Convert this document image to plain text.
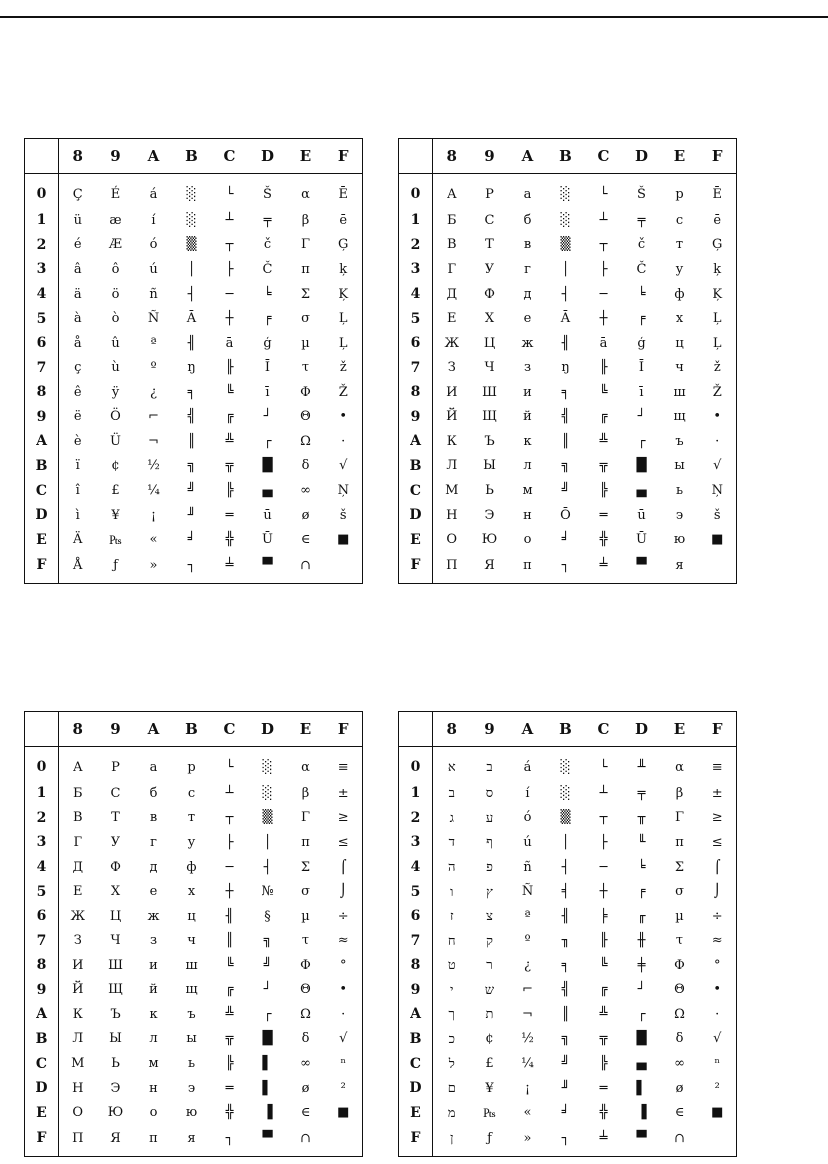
	8	9	A	B	C	D	E	F
0	Ç	É	á	░	└	Š	α	Ē
1	ü	æ	í	░	┴	╤	β	ē
2	é	Æ	ó	▒	┬	č	Γ	Ģ
3	â	ô	ú	│	├	Č	π	ķ
4	ä	ö	ñ	┤	─	╘	Σ	Ķ
5	à	ò	Ñ	Ā	┼	╒	σ	Ļ
6	å	û	ª	╢	ā	ģ	µ	Ļ
7	ç	ù	º	ŋ	╟	Ī	τ	ž
8	ê	ÿ	¿	╕	╚	ī	Φ	Ž
9	ë	Ö	⌐	╣	╔	┘	Θ	•
A	è	Ü	¬	║	╩	┌	Ω	·
B	ï	¢	½	╗	╦	█	δ	√
C	î	£	¼	╝	╠	▄	∞	Ņ
D	ì	¥	¡	╜	═	ū	ø	š
E	Ä	₧	«	╛	╬	Ū	∈	■
F	Å	ƒ	»	┐	╧	▀	∩	
	8	9	A	B	C	D	E	F
0	А	Р	а	░	└	Š	р	Ē
1	Б	С	б	░	┴	╤	с	ē
2	В	Т	в	▒	┬	č	т	Ģ
3	Г	У	г	│	├	Č	у	ķ
4	Д	Ф	д	┤	─	╘	ф	Ķ
5	Е	Х	е	Ā	┼	╒	х	Ļ
6	Ж	Ц	ж	╢	ā	ģ	ц	Ļ
7	З	Ч	з	ŋ	╟	Ī	ч	ž
8	И	Ш	и	╕	╚	ī	ш	Ž
9	Й	Щ	й	╣	╔	┘	щ	•
A	К	Ъ	к	║	╩	┌	ъ	·
B	Л	Ы	л	╗	╦	█	ы	√
C	М	Ь	м	╝	╠	▄	ь	Ņ
D	Н	Э	н	Ō	═	ū	э	š
E	О	Ю	о	╛	╬	Ū	ю	■
F	П	Я	п	┐	╧	▀	я	
	8	9	A	B	C	D	E	F
0	А	Р	а	р	└	░	α	≡
1	Б	С	б	с	┴	░	β	±
2	В	Т	в	т	┬	▒	Γ	≥
3	Г	У	г	у	├	│	π	≤
4	Д	Ф	д	ф	─	┤	Σ	⌠
5	Е	Х	е	х	┼	№	σ	⌡
6	Ж	Ц	ж	ц	╢	§	µ	÷
7	З	Ч	з	ч	║	╗	τ	≈
8	И	Ш	и	ш	╚	╝	Φ	°
9	Й	Щ	й	щ	╔	┘	Θ	•
A	К	Ъ	к	ъ	╩	┌	Ω	·
B	Л	Ы	л	ы	╦	█	δ	√
C	М	Ь	м	ь	╠	▌	∞	ⁿ
D	Н	Э	н	э	═	▌	ø	²
E	О	Ю	о	ю	╬	▐	∈	■
F	П	Я	п	я	┐	▀	∩	
	8	9	A	B	C	D	E	F
0	א	ב	á	░	└	╨	α	≡
1	ב	ס	í	░	┴	╤	β	±
2	ג	ע	ó	▒	┬	╥	Γ	≥
3	ד	ף	ú	│	├	╙	π	≤
4	ה	פ	ñ	┤	─	╘	Σ	⌠
5	ו	ץ	Ñ	╡	┼	╒	σ	⌡
6	ז	צ	ª	╢	╞	╓	µ	÷
7	ח	ק	º	╖	╟	╫	τ	≈
8	ט	ר	¿	╕	╚	╪	Φ	°
9	י	ש	⌐	╣	╔	┘	Θ	•
A	ך	ת	¬	║	╩	┌	Ω	·
B	כ	¢	½	╗	╦	█	δ	√
C	ל	£	¼	╝	╠	▄	∞	ⁿ
D	ם	¥	¡	╜	═	▌	ø	²
E	מ	₧	«	╛	╬	▐	∈	■
F	ן	ƒ	»	┐	╧	▀	∩	
